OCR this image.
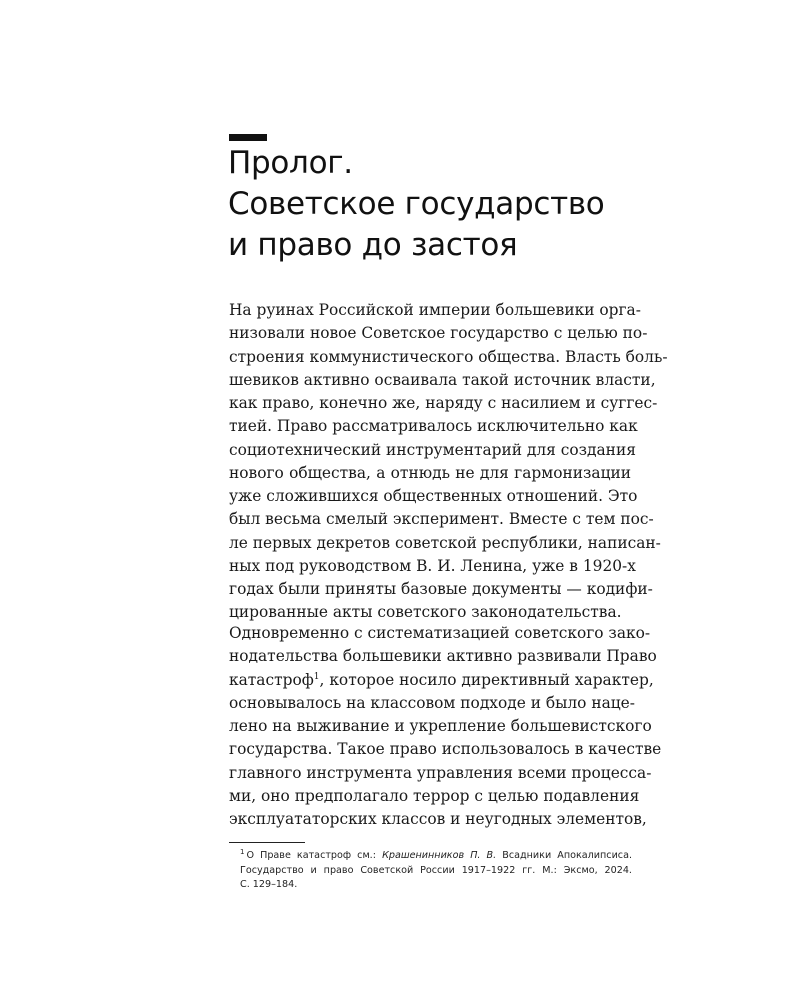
Пролог.
Советское государство
и право до застоя
На руинах Российской империи большевики орга-
низовали новое Советское государство с целью по-
строения коммунистического общества. Власть боль-
шевиков активно осваивала такой источник власти,
как право, конечно же, наряду с насилием и суггес-
тией. Право рассматривалось исключительно как
социотехнический инструментарий для создания
нового общества, а отнюдь не для гармонизации
уже сложившихся общественных отношений. Это
был весьма смелый эксперимент. Вместе с тем пос-
ле первых декретов советской республики, написан-
ных под руководством В. И. Ленина, уже в 1920-х
годах были приняты базовые документы — кодифи-
цированные акты советского законодательства.
Одновременно с систематизацией советского зако-
нодательства большевики активно развивали Право
катастроф$^1$, которое носило директивный характер,
основывалось на классовом подходе и было наце-
лено на выживание и укрепление большевистского
государства. Такое право использовалось в качестве
главного инструмента управления всеми процесса-
ми, оно предполагало террор с целью подавления
эксплуататорских классов и неугодных элементов,
$^1$ О Праве катастроф см.: Крашенинников П. В. Всадники Апокалипсиса.
Государство и право Советской России 1917–1922 гг. М.: Эксмо, 2024.
С. 129–184.
